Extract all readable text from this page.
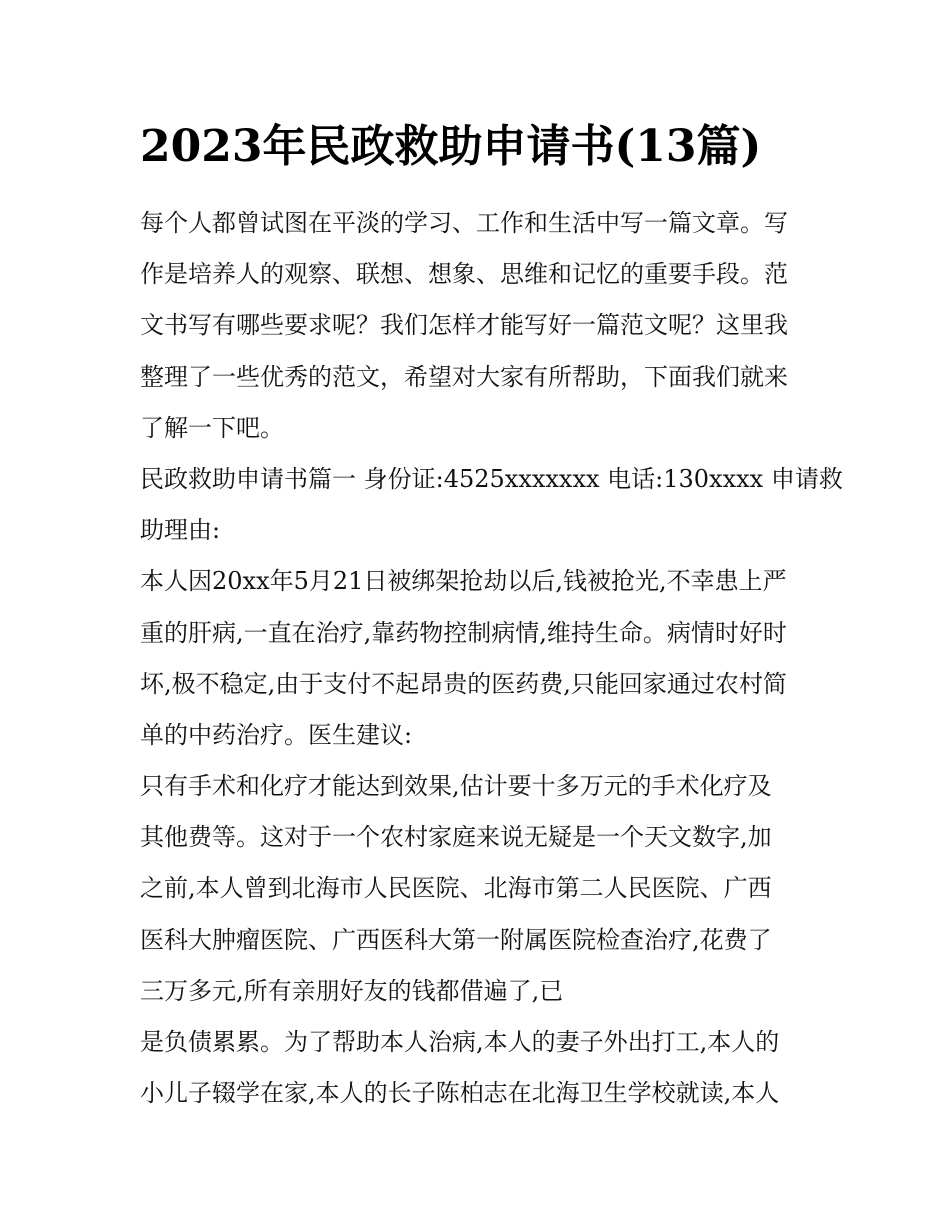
2023年民政救助申请书(13篇)

每个人都曾试图在平淡的学习、工作和生活中写一篇文章。写

作是培养人的观察、联想、想象、思维和记忆的重要手段。范

文书写有哪些要求呢？我们怎样才能写好一篇范文呢？这里我

整理了一些优秀的范文，希望对大家有所帮助，下面我们就来

了解一下吧。

民政救助申请书篇一 身份证:4525xxxxxxx 电话:130xxxx 申请救

助理由:

本人因20xx年5月21日被绑架抢劫以后,钱被抢光,不幸患上严

重的肝病,一直在治疗,靠药物控制病情,维持生命。病情时好时

坏,极不稳定,由于支付不起昂贵的医药费,只能回家通过农村简

单的中药治疗。医生建议:

只有手术和化疗才能达到效果,估计要十多万元的手术化疗及

其他费等。这对于一个农村家庭来说无疑是一个天文数字,加

之前,本人曾到北海市人民医院、北海市第二人民医院、广西

医科大肿瘤医院、广西医科大第一附属医院检查治疗,花费了

三万多元,所有亲朋好友的钱都借遍了,已

是负债累累。为了帮助本人治病,本人的妻子外出打工,本人的

小儿子辍学在家,本人的长子陈柏志在北海卫生学校就读,本人
